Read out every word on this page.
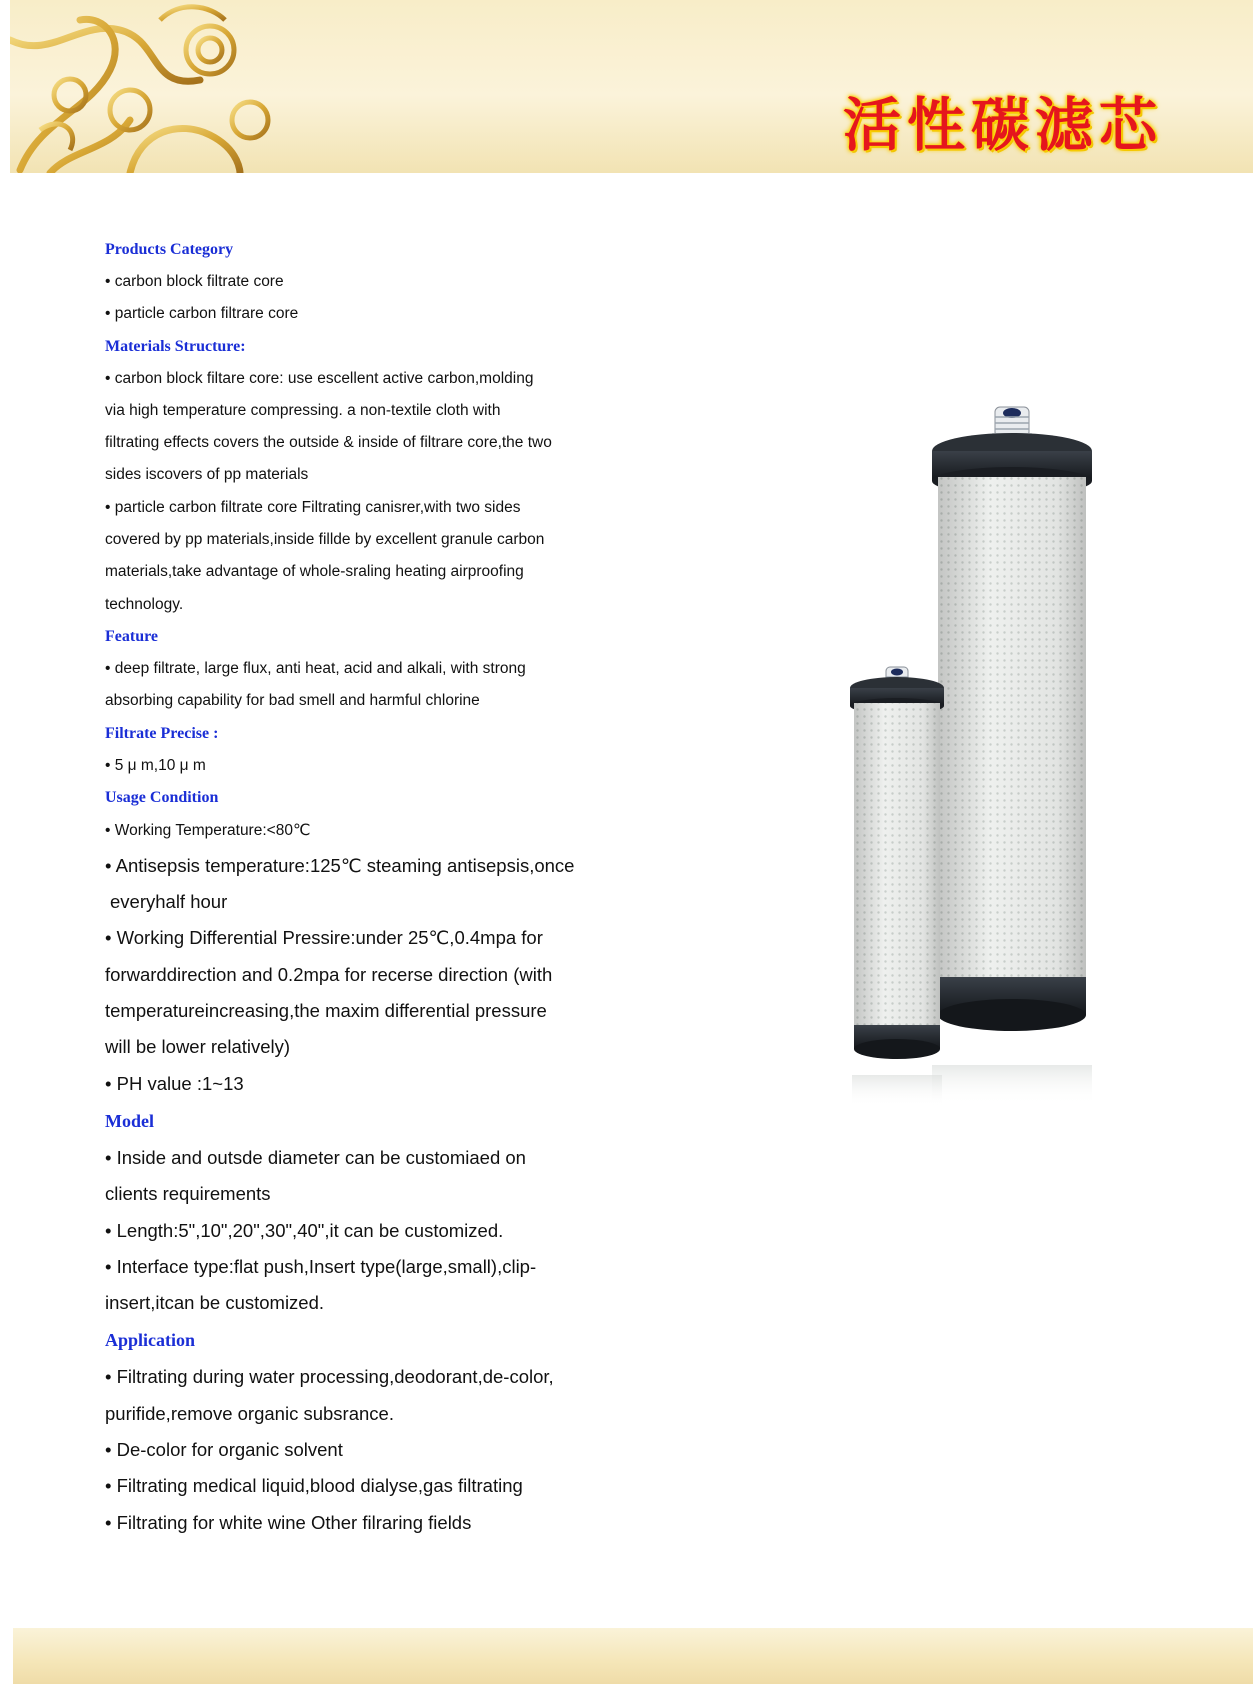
活性碳滤芯
Products Category

• carbon block filtrate core

• particle carbon filtrare core

Materials Structure:

• carbon block filtare core: use escellent active carbon,molding

via high temperature compressing. a non-textile cloth with

filtrating effects covers the outside & inside of filtrare core,the two

sides iscovers of pp materials

• particle carbon filtrate core Filtrating canisrer,with two sides

covered by pp materials,inside fillde by excellent granule carbon

materials,take advantage of whole-sraling heating airproofing

technology.

Feature

• deep filtrate, large flux, anti heat, acid and alkali, with strong

absorbing capability for bad smell and harmful chlorine

Filtrate Precise :

• 5 μ m,10 μ m

Usage Condition

• Working Temperature:<80℃

• Antisepsis temperature:125℃ steaming antisepsis,once

everyhalf hour

• Working Differential Pressire:under 25℃,0.4mpa for

forwarddirection and 0.2mpa for recerse direction (with

temperatureincreasing,the maxim differential pressure

will be lower relatively)

• PH value :1~13

Model

• Inside and outsde diameter can be customiaed on

clients requirements

• Length:5",10",20",30",40",it can be customized.

• Interface type:flat push,Insert type(large,small),clip-

insert,itcan be customized.

Application

• Filtrating during water processing,deodorant,de-color,

purifide,remove organic subsrance.

• De-color for organic solvent

• Filtrating medical liquid,blood dialyse,gas filtrating

• Filtrating for white wine Other filraring fields
